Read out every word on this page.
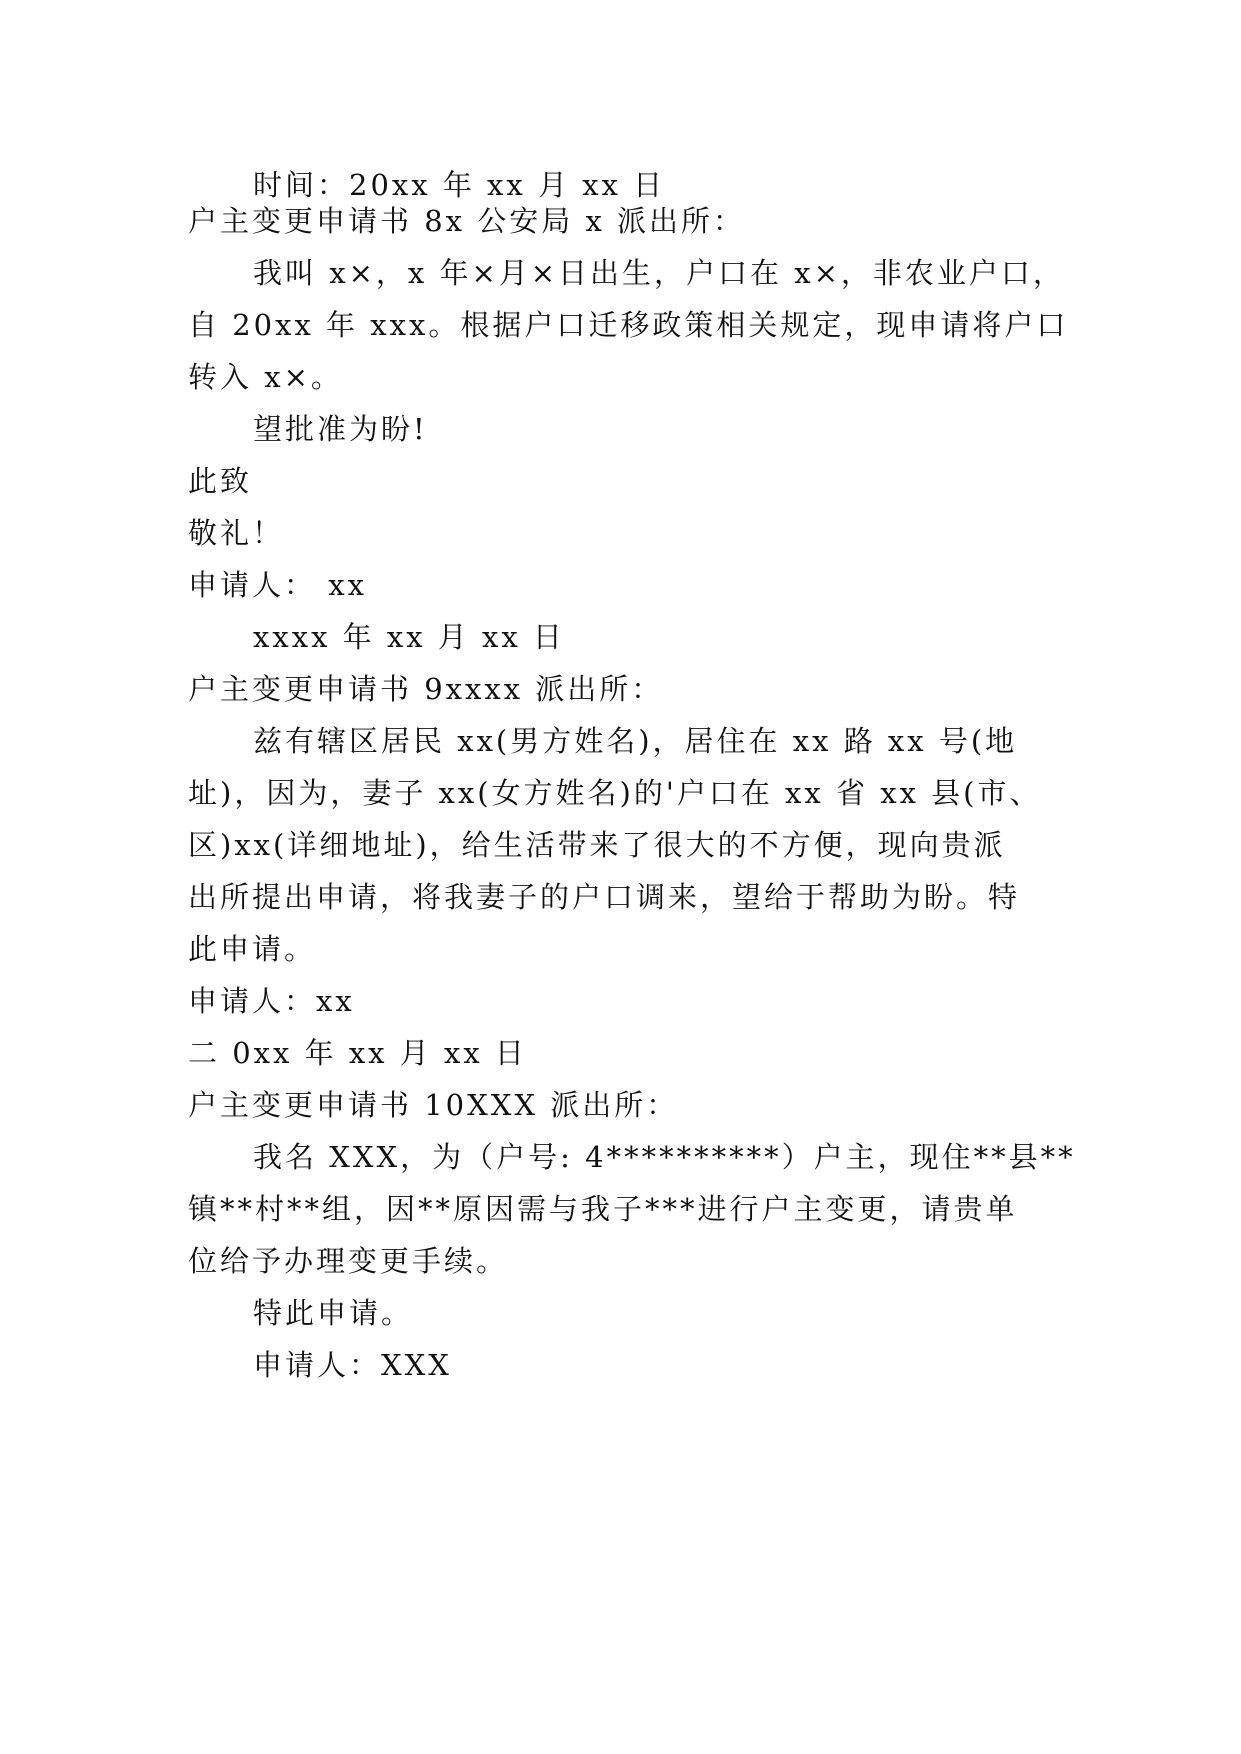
时间：20xx 年 xx 月 xx 日
户主变更申请书 8x 公安局 x 派出所：
我叫 x×，x 年×月×日出生，户口在 x×，非农业户口，
自 20xx 年 xxx。根据户口迁移政策相关规定，现申请将户口
转入 x×。
望批准为盼!
此致
敬礼！
申请人： xx
xxxx 年 xx 月 xx 日
户主变更申请书 9xxxx 派出所：
兹有辖区居民 xx(男方姓名)，居住在 xx 路 xx 号(地
址)，因为，妻子 xx(女方姓名)的'户口在 xx 省 xx 县(市、
区)xx(详细地址)，给生活带来了很大的不方便，现向贵派
出所提出申请，将我妻子的户口调来，望给于帮助为盼。特
此申请。
申请人：xx
二 0xx 年 xx 月 xx 日
户主变更申请书 10XXX 派出所：
我名 XXX，为（户号: 4**********）户主，现住**县**
镇**村**组，因**原因需与我子***进行户主变更，请贵单
位给予办理变更手续。
特此申请。
申请人：XXX
